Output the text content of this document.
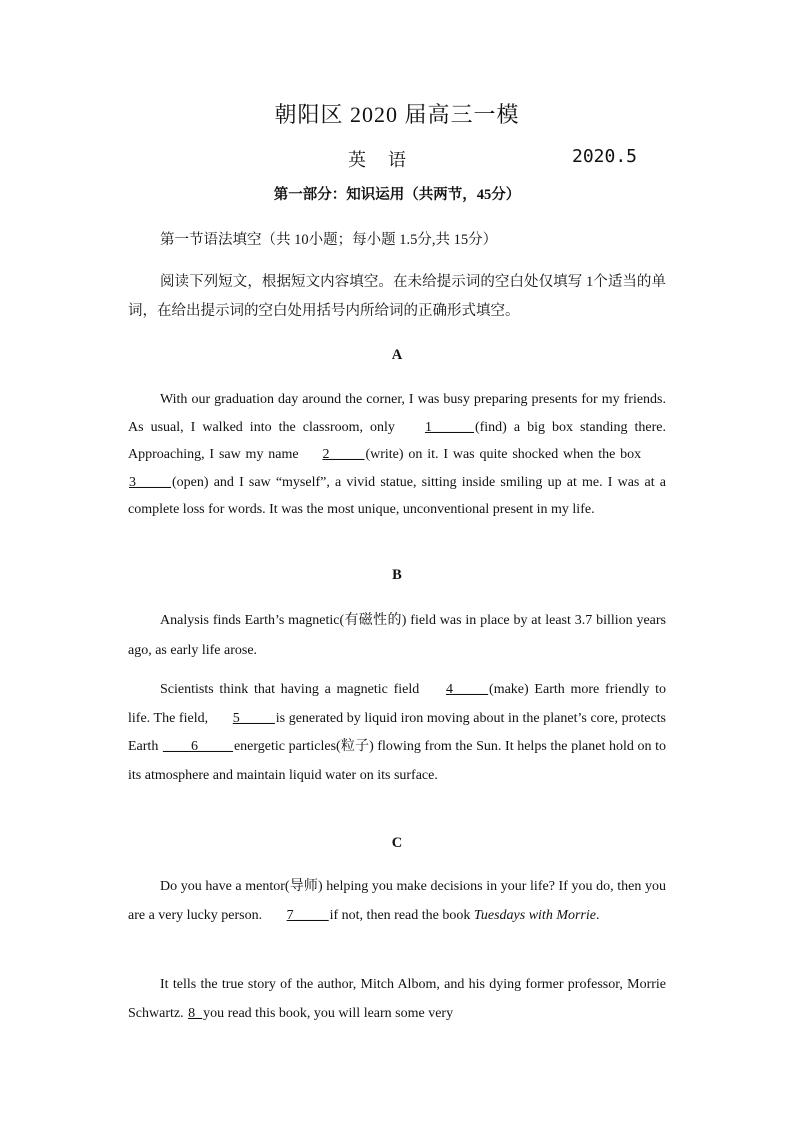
朝阳区 2020 届高三一模
英语	2020.5
第一部分：知识运用（共两节，45分）
第一节语法填空（共 10小题；每小题 1.5分,共 15分）
阅读下列短文，根据短文内容填空。在未给提示词的空白处仅填写 1个适当的单词，在给出提示词的空白处用括号内所给词的正确形式填空。
A
With our graduation day around the corner, I was busy preparing presents for my friends. As usual, I walked into the classroom, only 1______(find) a big box standing there. Approaching, I saw my name 2_____(write) on it. I was quite shocked when the box 3_____(open) and I saw “myself”, a vivid statue, sitting inside smiling up at me. I was at a complete loss for words. It was the most unique, unconventional present in my life.
B
Analysis finds Earth’s magnetic(有磁性的) field was in place by at least 3.7 billion years ago, as early life arose.
Scientists think that having a magnetic field 4_____(make) Earth more friendly to life. The field, 5_____is generated by liquid iron moving about in the planet’s core, protects Earth ____6_____energetic particles(粒子) flowing from the Sun. It helps the planet hold on to its atmosphere and maintain liquid water on its surface.
C
Do you have a mentor(导师) helping you make decisions in your life? If you do, then you are a very lucky person. 7_____if not, then read the book Tuesdays with Morrie.
It tells the true story of the author, Mitch Albom, and his dying former professor, Morrie Schwartz. 8_you read this book, you will learn some very
